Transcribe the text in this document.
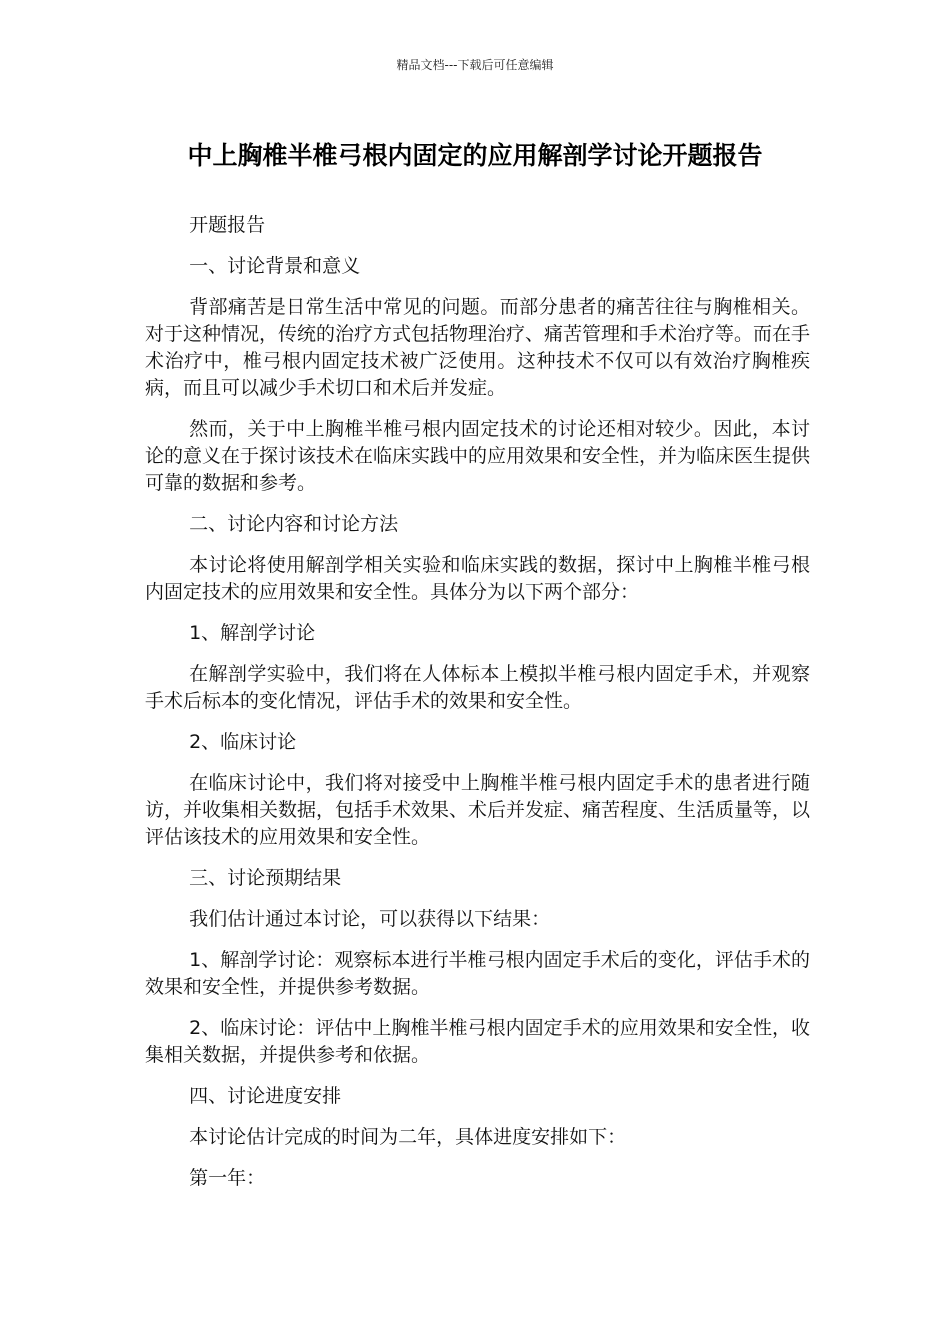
精品文档---下载后可任意编辑
中上胸椎半椎弓根内固定的应用解剖学讨论开题报告

开题报告

一、讨论背景和意义

背部痛苦是日常生活中常见的问题。而部分患者的痛苦往往与胸椎相关。对于这种情况，传统的治疗方式包括物理治疗、痛苦管理和手术治疗等。而在手术治疗中，椎弓根内固定技术被广泛使用。这种技术不仅可以有效治疗胸椎疾病，而且可以减少手术切口和术后并发症。

然而，关于中上胸椎半椎弓根内固定技术的讨论还相对较少。因此，本讨论的意义在于探讨该技术在临床实践中的应用效果和安全性，并为临床医生提供可靠的数据和参考。

二、讨论内容和讨论方法

本讨论将使用解剖学相关实验和临床实践的数据，探讨中上胸椎半椎弓根内固定技术的应用效果和安全性。具体分为以下两个部分：

1、解剖学讨论

在解剖学实验中，我们将在人体标本上模拟半椎弓根内固定手术，并观察手术后标本的变化情况，评估手术的效果和安全性。

2、临床讨论

在临床讨论中，我们将对接受中上胸椎半椎弓根内固定手术的患者进行随访，并收集相关数据，包括手术效果、术后并发症、痛苦程度、生活质量等，以评估该技术的应用效果和安全性。

三、讨论预期结果

我们估计通过本讨论，可以获得以下结果：

1、解剖学讨论：观察标本进行半椎弓根内固定手术后的变化，评估手术的效果和安全性，并提供参考数据。

2、临床讨论：评估中上胸椎半椎弓根内固定手术的应用效果和安全性，收集相关数据，并提供参考和依据。

四、讨论进度安排

本讨论估计完成的时间为二年，具体进度安排如下：

第一年：
